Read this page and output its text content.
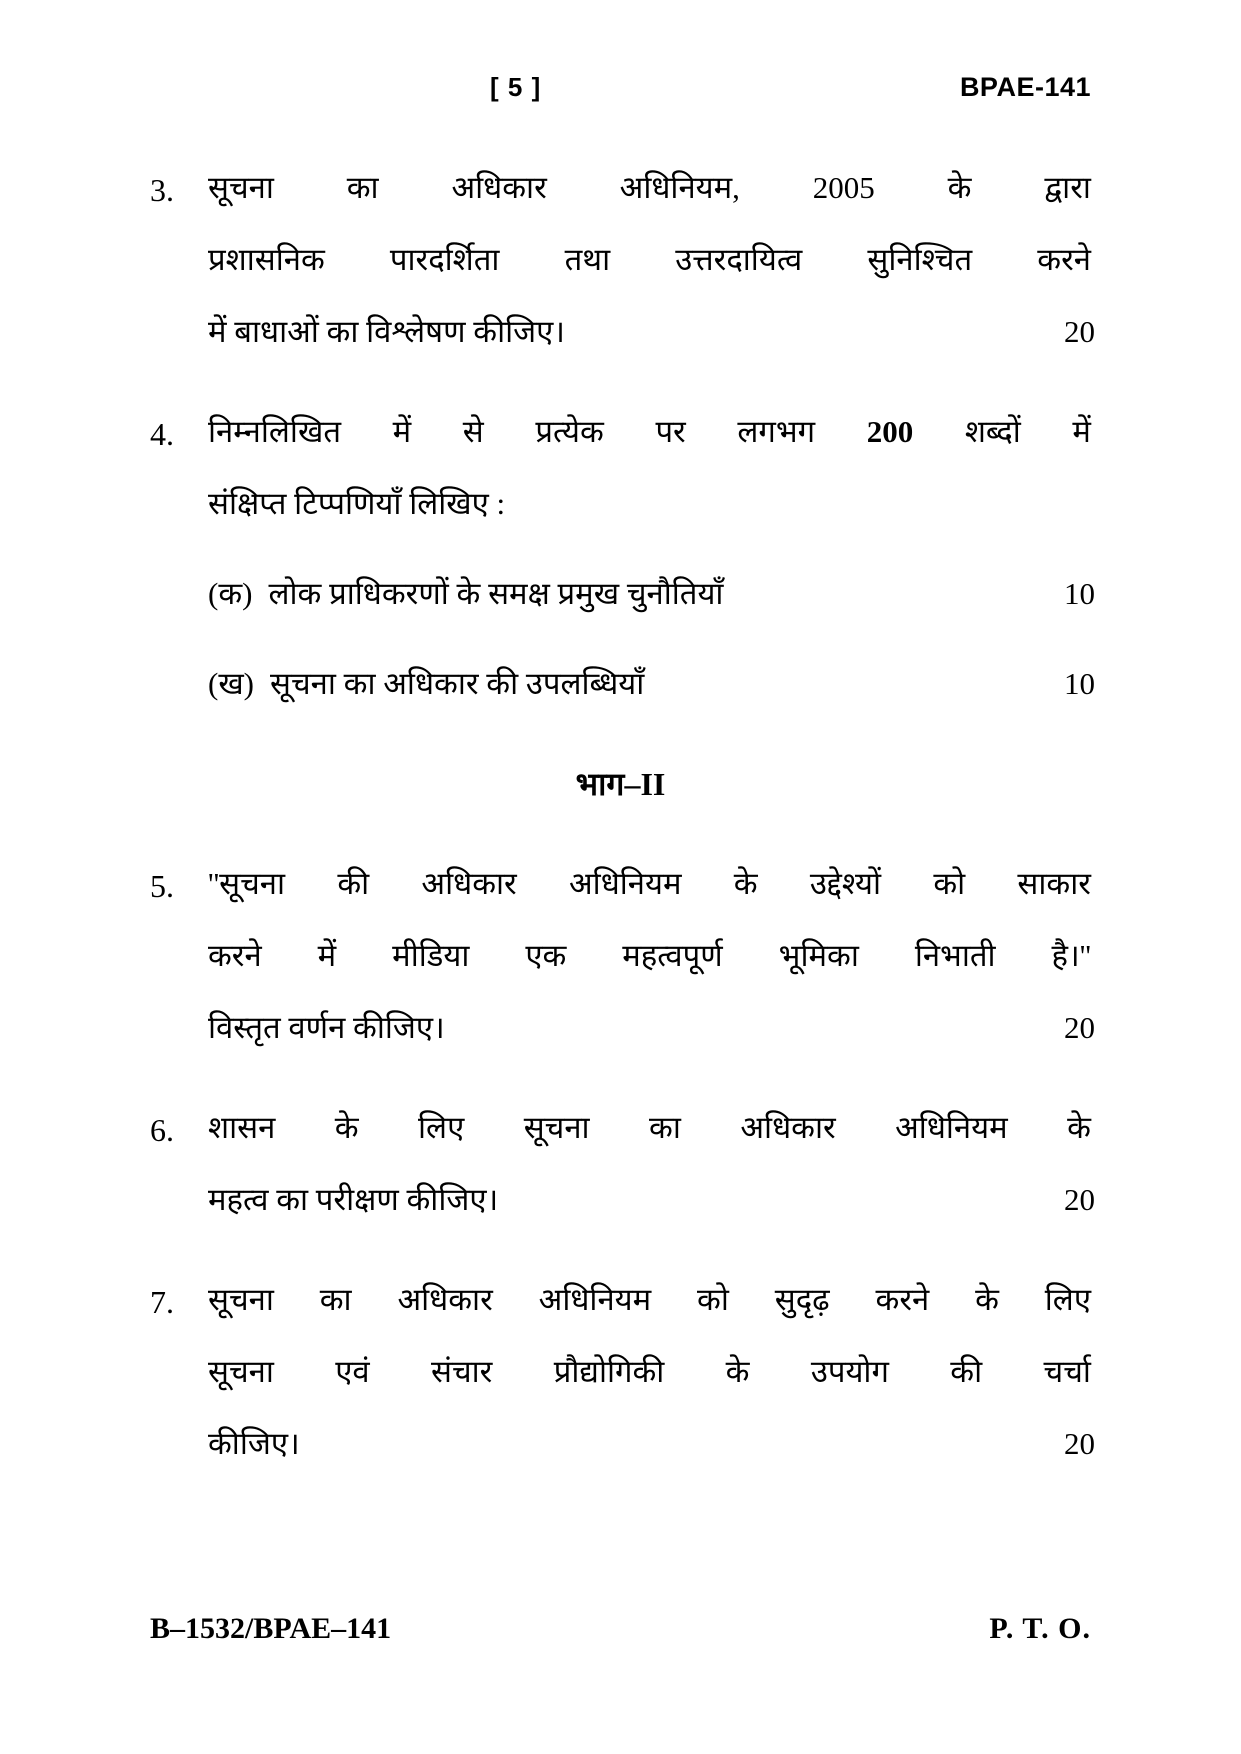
[ 5 ]	BPAE-141
3.	सूचना का अधिकार अधिनियम, 2005 के द्वारा
प्रशासनिक पारदर्शिता तथा उत्तरदायित्व सुनिश्चित करने
में बाधाओं का विश्लेषण कीजिए।	20
4.	निम्नलिखित में से प्रत्येक पर लगभग 200 शब्दों में
संक्षिप्त टिप्पणियाँ लिखिए :
(क) लोक प्राधिकरणों के समक्ष प्रमुख चुनौतियाँ	10
(ख) सूचना का अधिकार की उपलब्धियाँ	10
भाग–II
5.	''सूचना की अधिकार अधिनियम के उद्देश्यों को साकार
करने में मीडिया एक महत्वपूर्ण भूमिका निभाती है।''
विस्तृत वर्णन कीजिए।	20
6.	शासन के लिए सूचना का अधिकार अधिनियम के
महत्व का परीक्षण कीजिए।	20
7.	सूचना का अधिकार अधिनियम को सुदृढ़ करने के लिए
सूचना एवं संचार प्रौद्योगिकी के उपयोग की चर्चा
कीजिए।	20
B–1532/BPAE–141	P. T. O.
